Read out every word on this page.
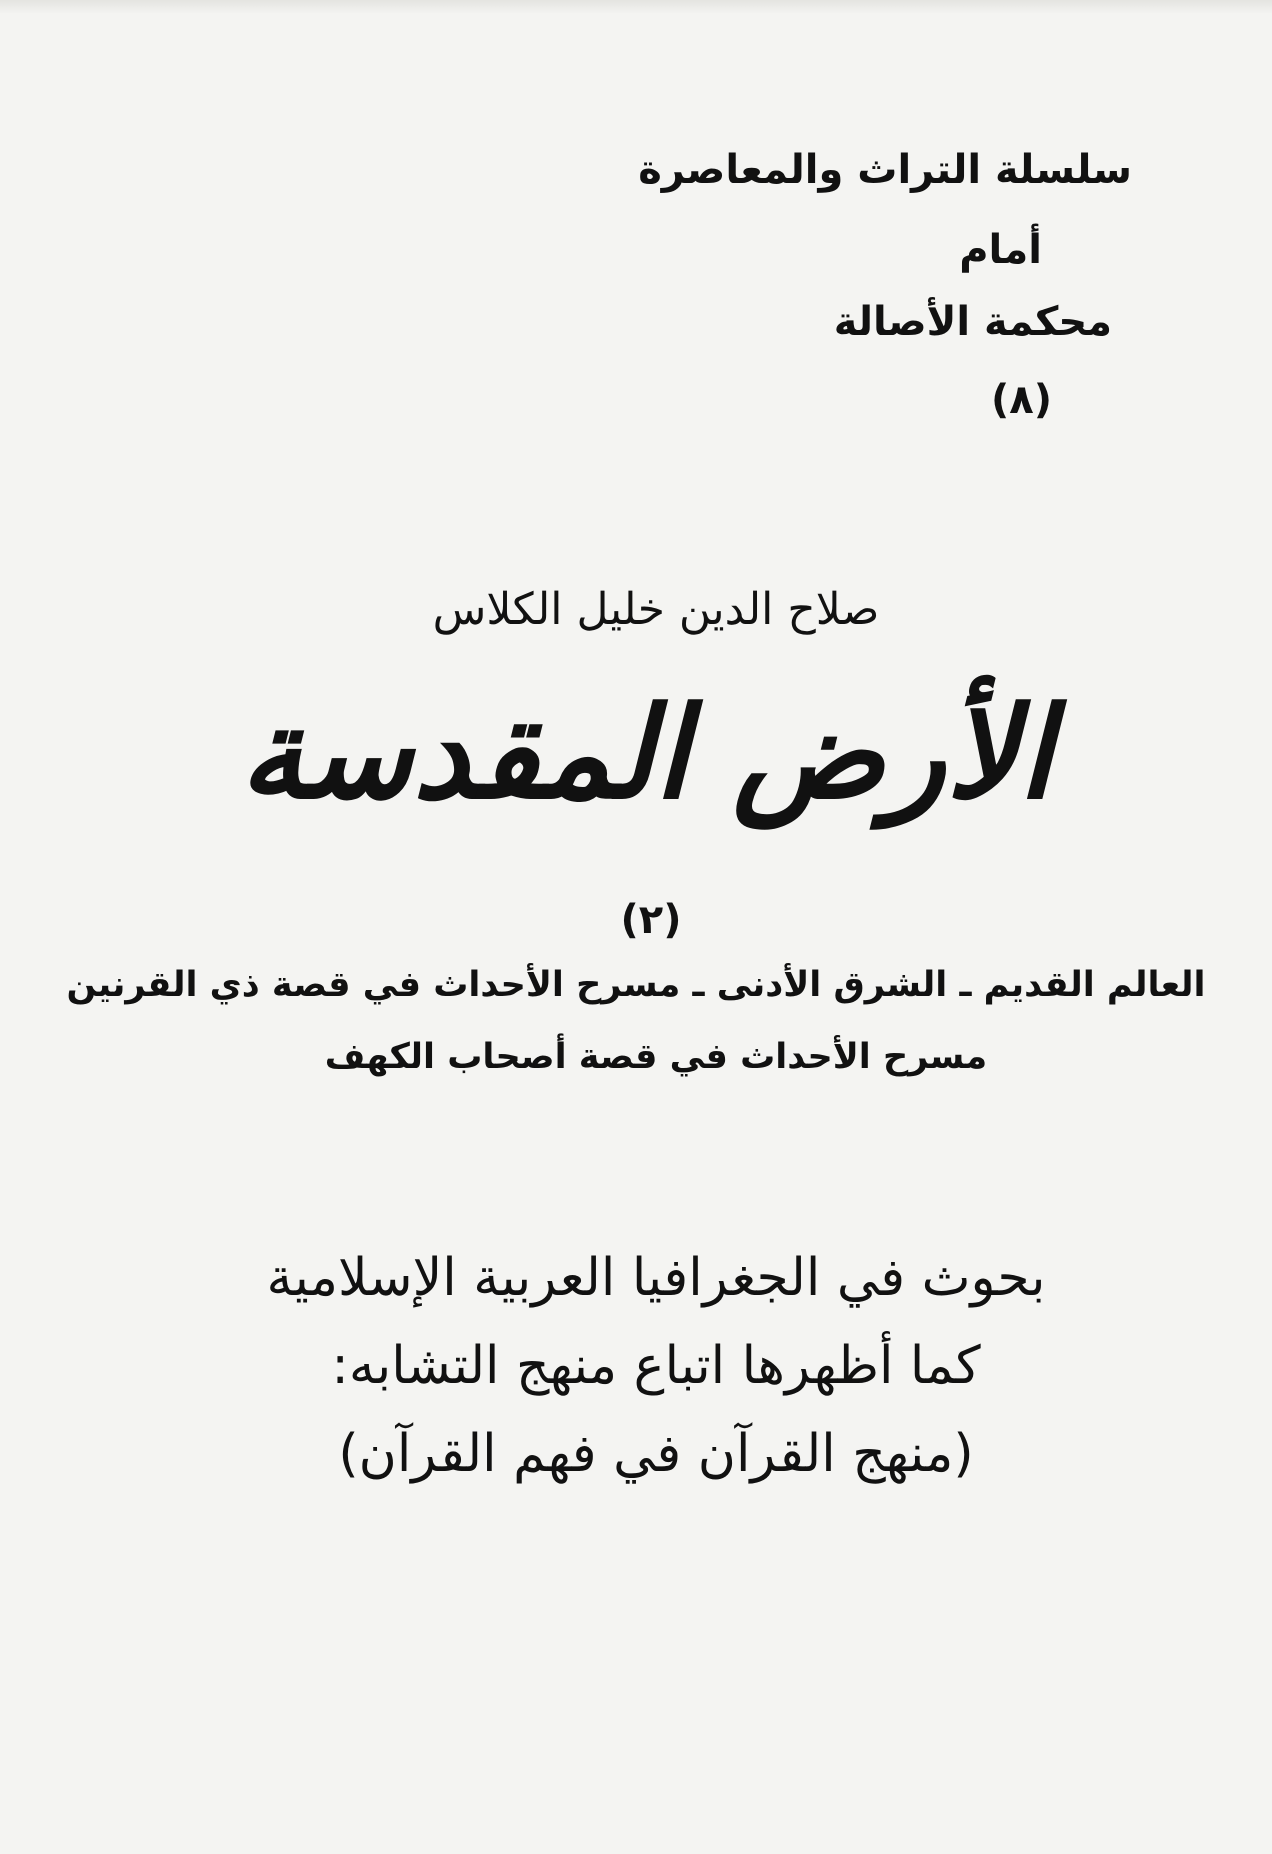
سلسلة التراث والمعاصرة
أمام
محكمة الأصالة
(٨)
صلاح الدين خليل الكلاس
الأرض المقدسة
(٢)
العالم القديم ـ الشرق الأدنى ـ مسرح الأحداث في قصة ذي القرنين
مسرح الأحداث في قصة أصحاب الكهف
بحوث في الجغرافيا العربية الإسلامية
كما أظهرها اتباع منهج التشابه:
(منهج القرآن في فهم القرآن)
